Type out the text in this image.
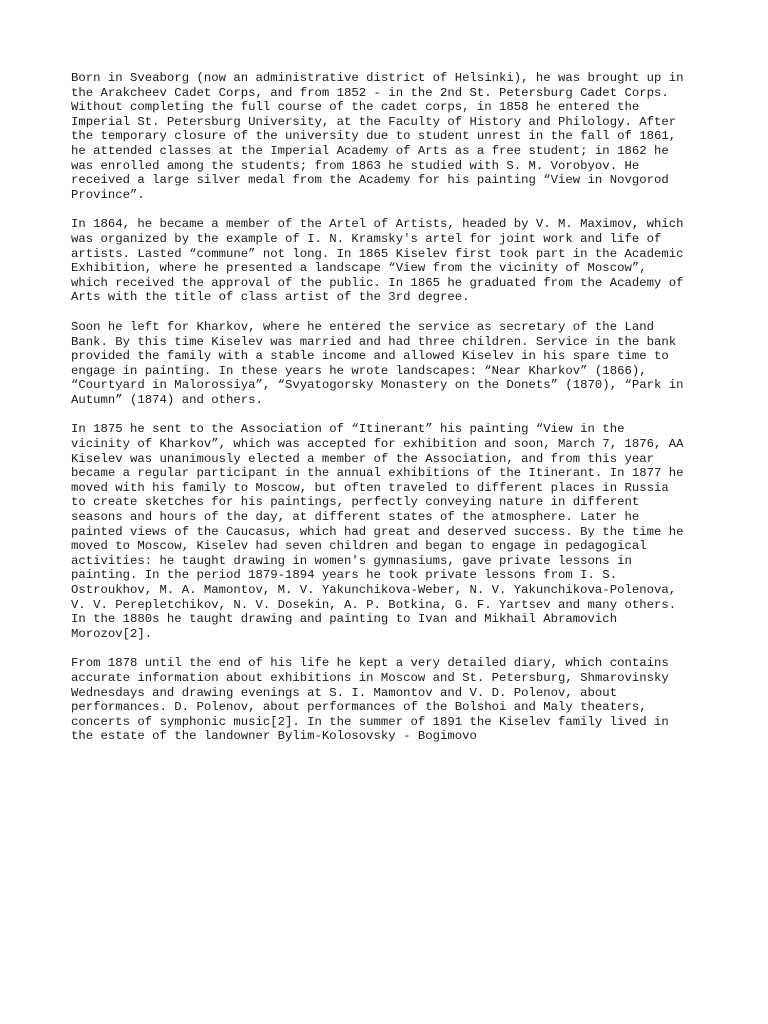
Born in Sveaborg (now an administrative district of Helsinki), he was brought up in
the Arakcheev Cadet Corps, and from 1852 - in the 2nd St. Petersburg Cadet Corps.
Without completing the full course of the cadet corps, in 1858 he entered the
Imperial St. Petersburg University, at the Faculty of History and Philology. After
the temporary closure of the university due to student unrest in the fall of 1861,
he attended classes at the Imperial Academy of Arts as a free student; in 1862 he
was enrolled among the students; from 1863 he studied with S. M. Vorobyov. He
received a large silver medal from the Academy for his painting “View in Novgorod
Province”.

In 1864, he became a member of the Artel of Artists, headed by V. M. Maximov, which
was organized by the example of I. N. Kramsky's artel for joint work and life of
artists. Lasted “commune” not long. In 1865 Kiselev first took part in the Academic
Exhibition, where he presented a landscape “View from the vicinity of Moscow”,
which received the approval of the public. In 1865 he graduated from the Academy of
Arts with the title of class artist of the 3rd degree.

Soon he left for Kharkov, where he entered the service as secretary of the Land
Bank. By this time Kiselev was married and had three children. Service in the bank
provided the family with a stable income and allowed Kiselev in his spare time to
engage in painting. In these years he wrote landscapes: “Near Kharkov” (1866),
“Courtyard in Malorossiya”, “Svyatogorsky Monastery on the Donets” (1870), “Park in
Autumn” (1874) and others.

In 1875 he sent to the Association of “Itinerant” his painting “View in the
vicinity of Kharkov”, which was accepted for exhibition and soon, March 7, 1876, AA
Kiselev was unanimously elected a member of the Association, and from this year
became a regular participant in the annual exhibitions of the Itinerant. In 1877 he
moved with his family to Moscow, but often traveled to different places in Russia
to create sketches for his paintings, perfectly conveying nature in different
seasons and hours of the day, at different states of the atmosphere. Later he
painted views of the Caucasus, which had great and deserved success. By the time he
moved to Moscow, Kiselev had seven children and began to engage in pedagogical
activities: he taught drawing in women's gymnasiums, gave private lessons in
painting. In the period 1879-1894 years he took private lessons from I. S.
Ostroukhov, M. A. Mamontov, M. V. Yakunchikova-Weber, N. V. Yakunchikova-Polenova,
V. V. Perepletchikov, N. V. Dosekin, A. P. Botkina, G. F. Yartsev and many others.
In the 1880s he taught drawing and painting to Ivan and Mikhail Abramovich
Morozov[2].

From 1878 until the end of his life he kept a very detailed diary, which contains
accurate information about exhibitions in Moscow and St. Petersburg, Shmarovinsky
Wednesdays and drawing evenings at S. I. Mamontov and V. D. Polenov, about
performances. D. Polenov, about performances of the Bolshoi and Maly theaters,
concerts of symphonic music[2]. In the summer of 1891 the Kiselev family lived in
the estate of the landowner Bylim-Kolosovsky - Bogimovo
